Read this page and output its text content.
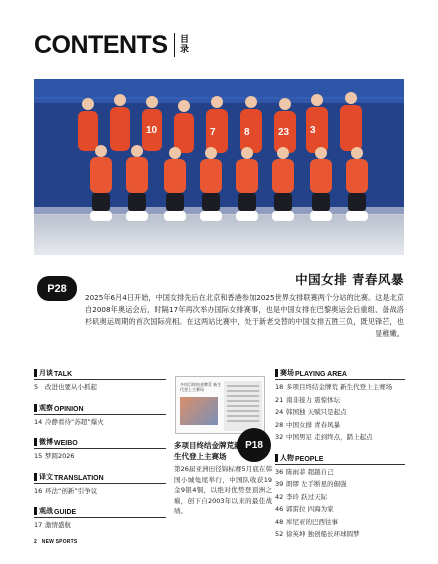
CONTENTS 目
录
10	7	8	23 3
P28
中国女排 青春风暴
2025年6月4日开始，中国女排先后在北京和香港参加2025世界女排联赛两个分站的比赛。这是北京自2008年奥运会后，时隔17年再次举办国际女排赛事，也是中国女排在巴黎奥运会后重组、备战洛杉矶奥运周期的首次国际亮相。在这两站比赛中，处于新老交替的中国女排五胜三负，既见锋芒，也显稚嫩。
月谈 TALK
5	改进也要从小抓起
观察 OPINION
14 冷静看待“苏超”爆火
微博 WEIBO
15 梦圆2026
译文 TRANSLATION
16 环法“创新”引争议
观战 GUIDE
17 激情盛航
多项目终结金牌荒 新生代登上主赛场
P18
多项目终结金牌荒新生代登上主赛场
第26届亚洲田径锦标赛5月底在韩国小城龟尾举行，中国队收获19金9银4铜，以绝对优势登顶洲之巅，创下自2003年以来的最佳战绩。
赛场 PLAYING AREA
18 多项目终结金牌荒 新生代登上主赛场
21 南非接力 震惊体坛
24 韩国独 天赋只是起点
28 中国女排 青春风暴
32 中国男足 走到终点，踏上起点
人物 PEOPLE
36 陈雨菲 超越自己
39 朗缪 左手断星的倔强
42 李玲 跃过天际
46 郭雷拉 四海为家
48 库尼亚的巴西往事
52 徐英坤 独创船长环球圆梦
2 NEW SPORTS
